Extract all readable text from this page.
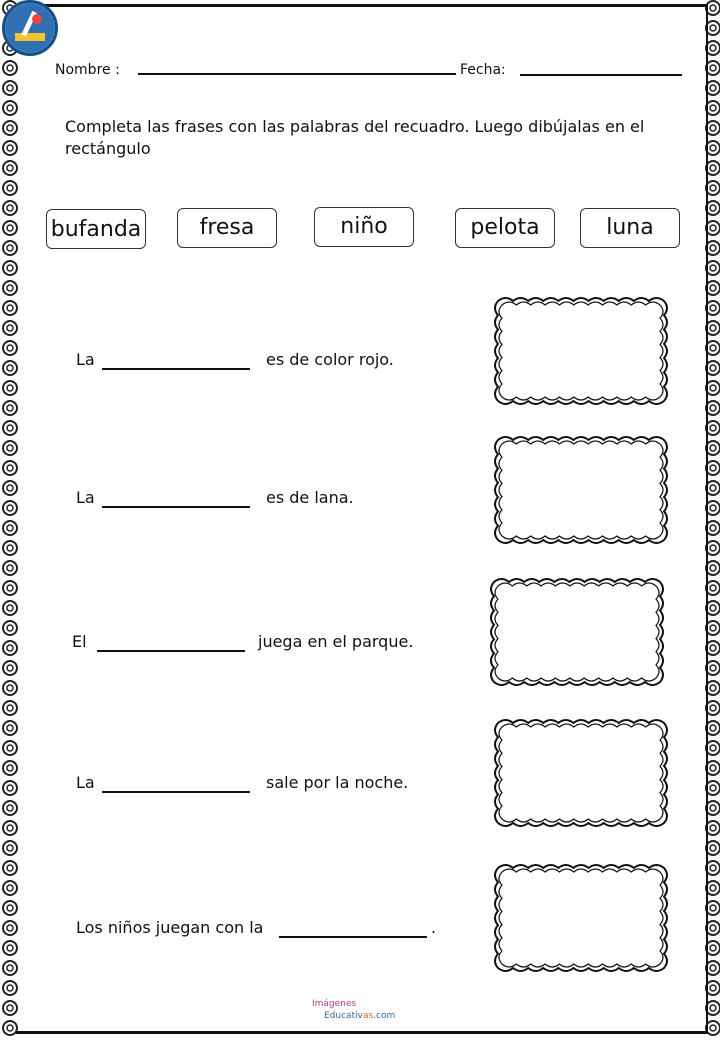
Nombre :	Fecha:
Completa las frases con las palabras del recuadro. Luego dibújalas en el rectángulo
bufanda	fresa	niño	pelota	luna
La	es de color rojo.
La	es de lana.
El	juega en el parque.
La	sale por la noche.
Los niños juegan con la	.
Imágenes
Educativas.com
